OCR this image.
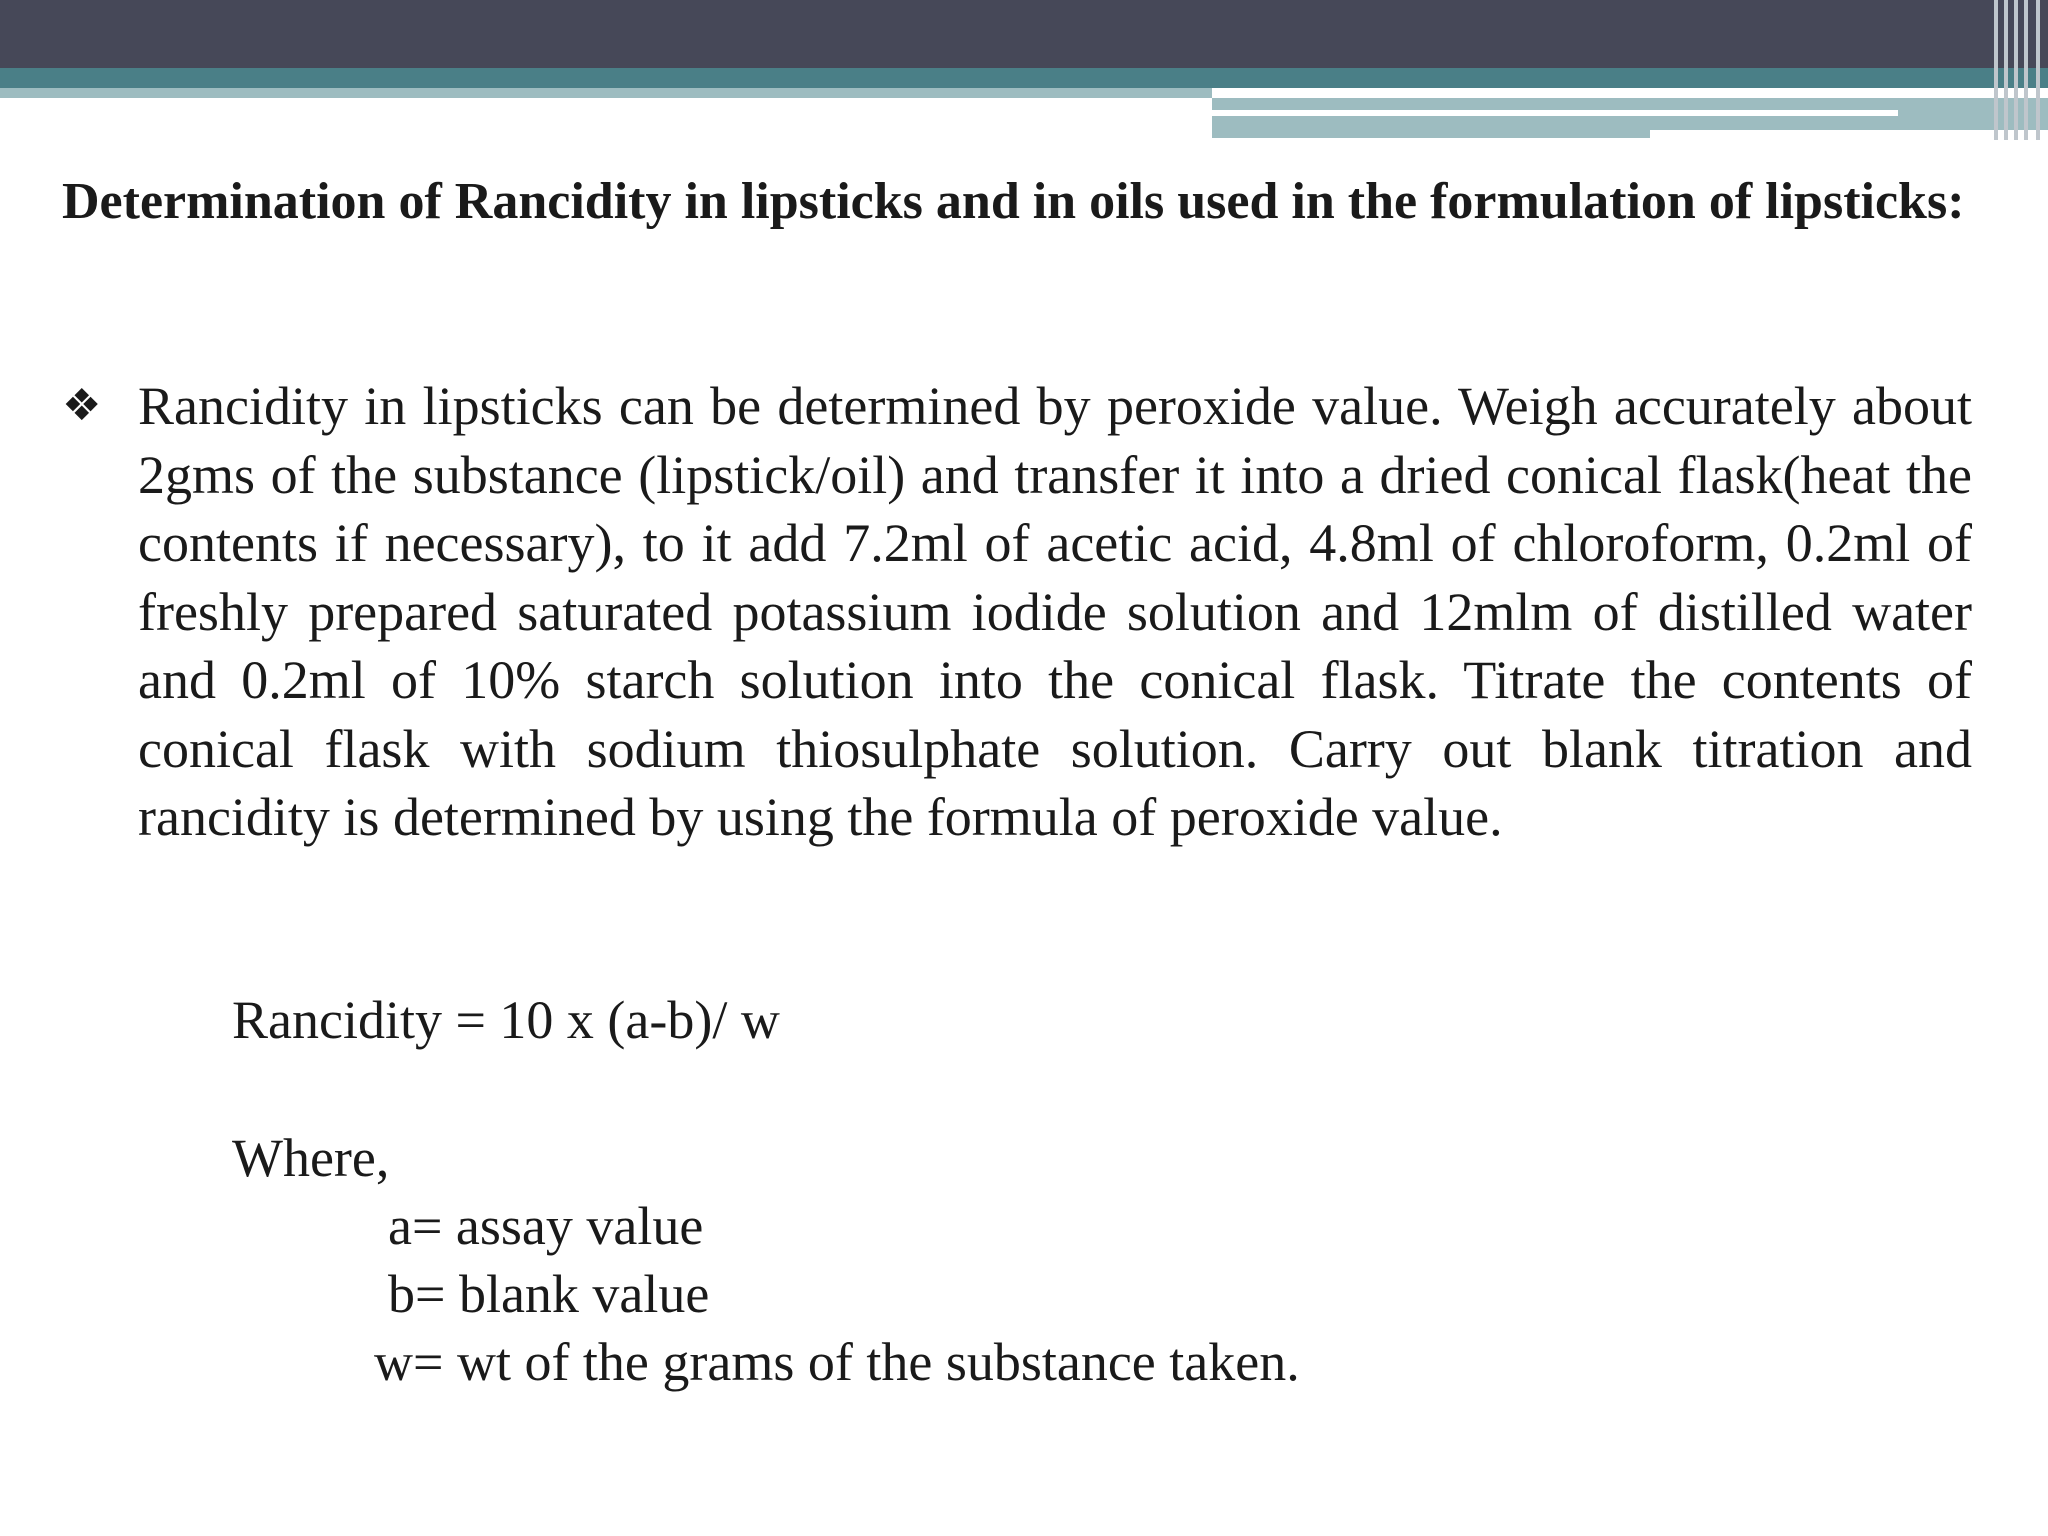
Determination of Rancidity in lipsticks and in oils used in the formulation of lipsticks:
❖ Rancidity in lipsticks can be determined by peroxide value. Weigh accurately about 2gms of the substance (lipstick/oil) and transfer it into a dried conical flask(heat the contents if necessary), to it add 7.2ml of acetic acid, 4.8ml of chloroform, 0.2ml of freshly prepared saturated potassium iodide solution and 12mlm of distilled water and 0.2ml of 10% starch solution into the conical flask. Titrate the contents of conical flask with sodium thiosulphate solution. Carry out blank titration and rancidity is determined by using the formula of peroxide value.
Rancidity = 10 x (a-b)/ w
Where,
a= assay value
b= blank value
w= wt of the grams of the substance taken.
